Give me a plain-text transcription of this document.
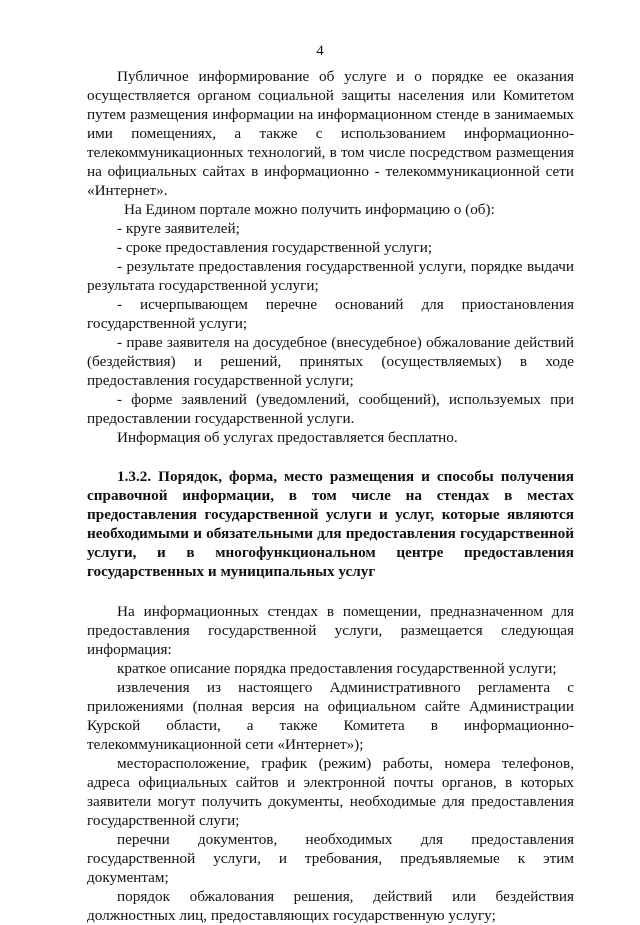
4

Публичное информирование об услуге и о порядке ее оказания осуществляется органом социальной защиты населения или Комитетом путем размещения информации на информационном стенде в занимаемых ими помещениях, а также с использованием информационно-телекоммуникационных технологий, в том числе посредством размещения на официальных сайтах в информационно - телекоммуникационной сети «Интернет».

На Едином портале можно получить информацию о (об):

- круге заявителей;

- сроке предоставления государственной услуги;

- результате предоставления государственной услуги, порядке выдачи результата государственной услуги;

- исчерпывающем перечне оснований для приостановления государственной услуги;

- праве заявителя на досудебное (внесудебное) обжалование действий (бездействия) и решений, принятых (осуществляемых) в ходе предоставления государственной услуги;

- форме заявлений (уведомлений, сообщений), используемых при предоставлении государственной услуги.

Информация об услугах предоставляется бесплатно.

1.3.2. Порядок, форма, место размещения и способы получения справочной информации, в том числе на стендах в местах предоставления государственной услуги и услуг, которые являются необходимыми и обязательными для предоставления государственной услуги, и в многофункциональном центре предоставления государственных и муниципальных услуг

На информационных стендах в помещении, предназначенном для предоставления государственной услуги, размещается следующая информация:

краткое описание порядка предоставления государственной услуги;

извлечения из настоящего Административного регламента с приложениями (полная версия на официальном сайте Администрации Курской области, а также Комитета в информационно-телекоммуникационной сети «Интернет»);

месторасположение, график (режим) работы, номера телефонов, адреса официальных сайтов и электронной почты органов, в которых заявители могут получить документы, необходимые для предоставления государственной слуги;

перечни документов, необходимых для предоставления государственной услуги, и требования, предъявляемые к этим документам;

порядок обжалования решения, действий или бездействия должностных лиц, предоставляющих государственную услугу;
